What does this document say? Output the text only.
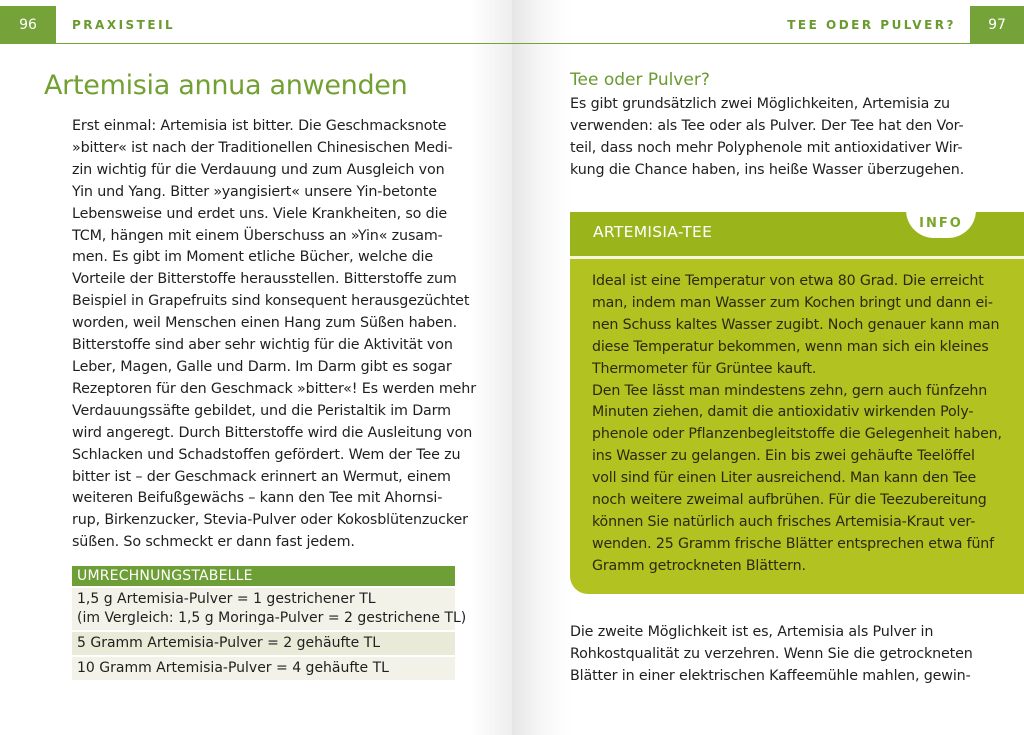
96	PRAXISTEIL
Artemisia annua anwenden
Erst einmal: Artemisia ist bitter. Die Geschmacksnote
»bitter« ist nach der Traditionellen Chinesischen Medi-
zin wichtig für die Verdauung und zum Ausgleich von
Yin und Yang. Bitter »yangisiert« unsere Yin-betonte
Lebensweise und erdet uns. Viele Krankheiten, so die
TCM, hängen mit einem Überschuss an »Yin« zusam-
men. Es gibt im Moment etliche Bücher, welche die
Vorteile der Bitterstoffe herausstellen. Bitterstoffe zum
Beispiel in Grapefruits sind konsequent herausgezüchtet
worden, weil Menschen einen Hang zum Süßen haben.
Bitterstoffe sind aber sehr wichtig für die Aktivität von
Leber, Magen, Galle und Darm. Im Darm gibt es sogar
Rezeptoren für den Geschmack »bitter«! Es werden mehr
Verdauungssäfte gebildet, und die Peristaltik im Darm
wird angeregt. Durch Bitterstoffe wird die Ausleitung von
Schlacken und Schadstoffen gefördert. Wem der Tee zu
bitter ist – der Geschmack erinnert an Wermut, einem
weiteren Beifußgewächs – kann den Tee mit Ahornsi-
rup, Birkenzucker, Stevia-Pulver oder Kokosblütenzucker
süßen. So schmeckt er dann fast jedem.
UMRECHNUNGSTABELLE
1,5 g Artemisia-Pulver = 1 gestrichener TL
(im Vergleich: 1,5 g Moringa-Pulver = 2 gestrichene TL)
5 Gramm Artemisia-Pulver = 2 gehäufte TL
10 Gramm Artemisia-Pulver = 4 gehäufte TL
TEE ODER PULVER?	97
Tee oder Pulver?
Es gibt grundsätzlich zwei Möglichkeiten, Artemisia zu
verwenden: als Tee oder als Pulver. Der Tee hat den Vor-
teil, dass noch mehr Polyphenole mit antioxidativer Wir-
kung die Chance haben, ins heiße Wasser überzugehen.
ARTEMISIA-TEE	INFO
Ideal ist eine Temperatur von etwa 80 Grad. Die erreicht
man, indem man Wasser zum Kochen bringt und dann ei-
nen Schuss kaltes Wasser zugibt. Noch genauer kann man
diese Temperatur bekommen, wenn man sich ein kleines
Thermometer für Grüntee kauft.
Den Tee lässt man mindestens zehn, gern auch fünfzehn
Minuten ziehen, damit die antioxidativ wirkenden Poly-
phenole oder Pflanzenbegleitstoffe die Gelegenheit haben,
ins Wasser zu gelangen. Ein bis zwei gehäufte Teelöffel
voll sind für einen Liter ausreichend. Man kann den Tee
noch weitere zweimal aufbrühen. Für die Teezubereitung
können Sie natürlich auch frisches Artemisia-Kraut ver-
wenden. 25 Gramm frische Blätter entsprechen etwa fünf
Gramm getrockneten Blättern.
Die zweite Möglichkeit ist es, Artemisia als Pulver in
Rohkostqualität zu verzehren. Wenn Sie die getrockneten
Blätter in einer elektrischen Kaffeemühle mahlen, gewin-
